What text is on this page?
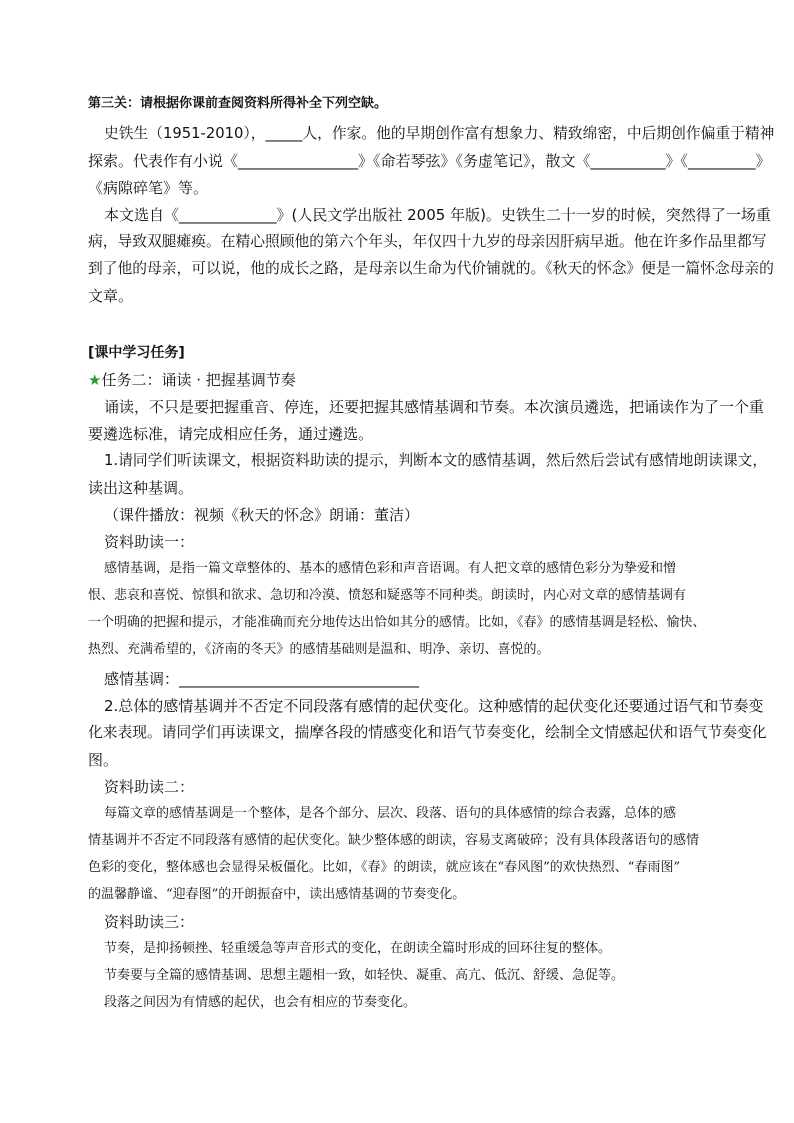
第三关：请根据你课前查阅资料所得补全下列空缺。
史铁生（1951-2010），_____人，作家。他的早期创作富有想象力、精致绵密，中后期创作偏重于精神
探索。代表作有小说《________________》《命若琴弦》《务虚笔记》，散文《__________》《_________》
《病隙碎笔》等。
本文选自《_____________》(人民文学出版社 2005 年版)。史铁生二十一岁的时候，突然得了一场重
病，导致双腿瘫痪。在精心照顾他的第六个年头，年仅四十九岁的母亲因肝病早逝。他在许多作品里都写
到了他的母亲，可以说，他的成长之路，是母亲以生命为代价铺就的。《秋天的怀念》便是一篇怀念母亲的
文章。
[课中学习任务]
★任务二：诵读 · 把握基调节奏
诵读，不只是要把握重音、停连，还要把握其感情基调和节奏。本次演员遴选，把诵读作为了一个重
要遴选标准，请完成相应任务，通过遴选。
1.请同学们听读课文，根据资料助读的提示，判断本文的感情基调，然后然后尝试有感情地朗读课文，
读出这种基调。
（课件播放：视频《秋天的怀念》朗诵：董洁）
资料助读一：
感情基调，是指一篇文章整体的、基本的感情色彩和声音语调。有人把文章的感情色彩分为挚爱和憎
恨、悲哀和喜悦、惊惧和欲求、急切和冷漠、愤怒和疑惑等不同种类。朗读时，内心对文章的感情基调有
一个明确的把握和提示，才能准确而充分地传达出恰如其分的感情。比如，《春》的感情基调是轻松、愉快、
热烈、充满希望的，《济南的冬天》的感情基础则是温和、明净、亲切、喜悦的。
感情基调：________________________________
2.总体的感情基调并不否定不同段落有感情的起伏变化。这种感情的起伏变化还要通过语气和节奏变
化来表现。请同学们再读课文，揣摩各段的情感变化和语气节奏变化，绘制全文情感起伏和语气节奏变化
图。
资料助读二：
每篇文章的感情基调是一个整体，是各个部分、层次、段落、语句的具体感情的综合表露，总体的感
情基调并不否定不同段落有感情的起伏变化。缺少整体感的朗读，容易支离破碎；没有具体段落语句的感情
色彩的变化，整体感也会显得呆板僵化。比如，《春》的朗读，就应该在“春风图”的欢快热烈、“春雨图”
的温馨静谧、“迎春图”的开朗振奋中，读出感情基调的节奏变化。
资料助读三：
节奏，是抑扬顿挫、轻重缓急等声音形式的变化，在朗读全篇时形成的回环往复的整体。
节奏要与全篇的感情基调、思想主题相一致，如轻快、凝重、高亢、低沉、舒缓、急促等。
段落之间因为有情感的起伏，也会有相应的节奏变化。
